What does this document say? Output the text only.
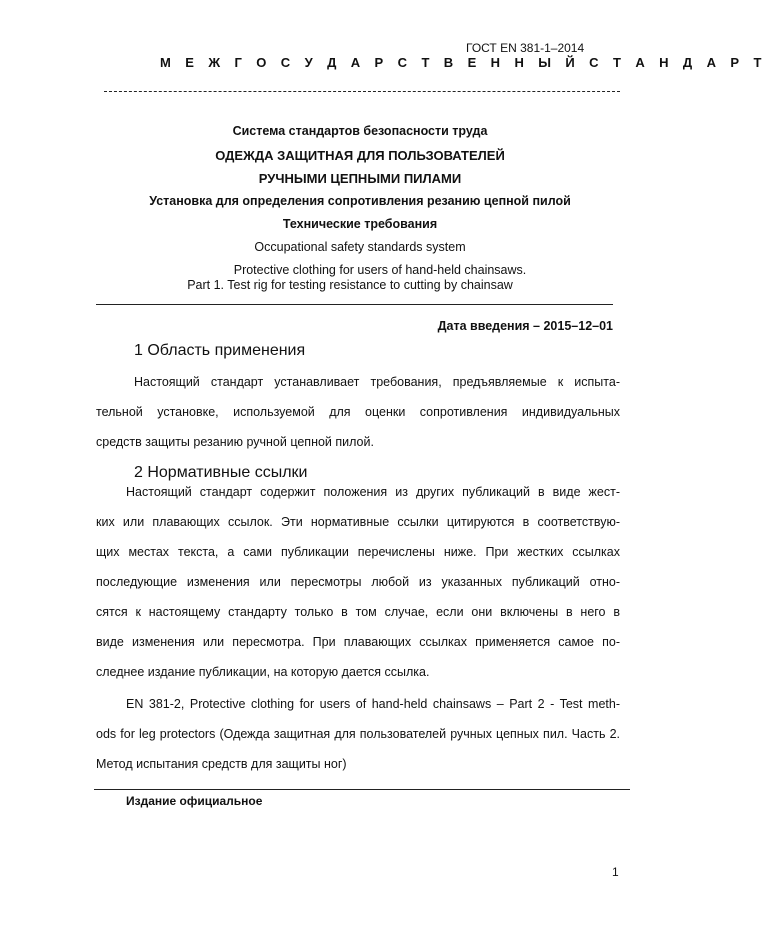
ГОСТ EN 381-1–2014
М Е Ж Г О С У Д А Р С Т В Е Н Н Ы Й С Т А Н Д А Р Т
Система стандартов безопасности труда
ОДЕЖДА ЗАЩИТНАЯ ДЛЯ ПОЛЬЗОВАТЕЛЕЙ
РУЧНЫМИ ЦЕПНЫМИ ПИЛАМИ
Установка для определения сопротивления резанию цепной пилой
Технические требования
Occupational safety standards system
Protective clothing for users of hand-held chainsaws.
Part 1. Test rig for testing resistance to cutting by chainsaw
Дата введения – 2015–12–01
1 Область применения
Настоящий стандарт устанавливает требования, предъявляемые к испыта-
тельной установке, используемой для оценки сопротивления индивидуальных
средств защиты резанию ручной цепной пилой.
2 Нормативные ссылки
Настоящий стандарт содержит положения из других публикаций в виде жест-
ких или плавающих ссылок. Эти нормативные ссылки цитируются в соответствую-
щих местах текста, а сами публикации перечислены ниже. При жестких ссылках
последующие изменения или пересмотры любой из указанных публикаций отно-
сятся к настоящему стандарту только в том случае, если они включены в него в
виде изменения или пересмотра. При плавающих ссылках применяется самое по-
следнее издание публикации, на которую дается ссылка.
EN 381-2, Protective clothing for users of hand-held chainsaws – Part 2 - Test meth-
ods for leg protectors (Одежда защитная для пользователей ручных цепных пил. Часть 2.
Метод испытания средств для защиты ног)
Издание официальное
1
